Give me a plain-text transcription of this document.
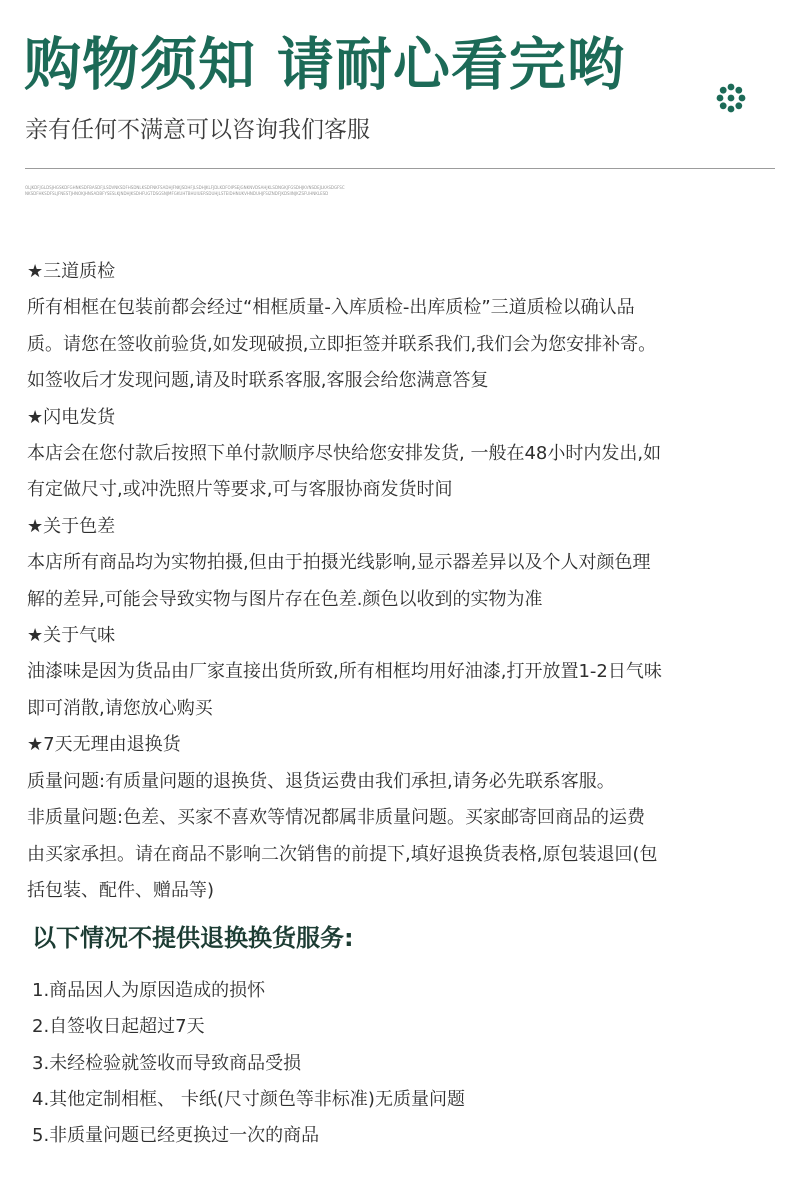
购物须知 请耐心看完哟
亲有任何不满意可以咨询我们客服
OLJKDFJGLDSJHGSKDFGHNKSDFBASDFJLSDVNKSDFHSDNLKSDFNKFSADHJFNKJSDHFJLSDHJKLFJDLKDFOIPSEJGNKNVDSAHJKLSDNGKJFGSDHJKVNSDEJLKASDGFSCNKSDFHKSDFSLJFNESTJHNOKJHNSADBFYSESLKJNDHJKSDHFUGTDSGSNJMFGKUHTBHUIUERSDUHJLSTEIDHNUKVHNDUHJFSIZNDFJKDSIINJKZSFUHNKLESD
★三道质检
所有相框在包装前都会经过“相框质量-入库质检-出库质检”三道质检以确认品
质。请您在签收前验货,如发现破损,立即拒签并联系我们,我们会为您安排补寄。
如签收后才发现问题,请及时联系客服,客服会给您满意答复
★闪电发货
本店会在您付款后按照下单付款顺序尽快给您安排发货, 一般在48小时内发出,如
有定做尺寸,或冲洗照片等要求,可与客服协商发货时间
★关于色差
本店所有商品均为实物拍摄,但由于拍摄光线影响,显示器差异以及个人对颜色理
解的差异,可能会导致实物与图片存在色差.颜色以收到的实物为准
★关于气味
油漆味是因为货品由厂家直接出货所致,所有相框均用好油漆,打开放置1-2日气味
即可消散,请您放心购买
★7天无理由退换货
质量问题:有质量问题的退换货、退货运费由我们承担,请务必先联系客服。
非质量问题:色差、买家不喜欢等情况都属非质量问题。买家邮寄回商品的运费
由买家承担。请在商品不影响二次销售的前提下,填好退换货表格,原包装退回(包
括包装、配件、赠品等)
以下情况不提供退换换货服务:
1.商品因人为原因造成的损怀
2.自签收日起超过7天
3.未经检验就签收而导致商品受损
4.其他定制相框、 卡纸(尺寸颜色等非标准)无质量问题
5.非质量问题已经更换过一次的商品
